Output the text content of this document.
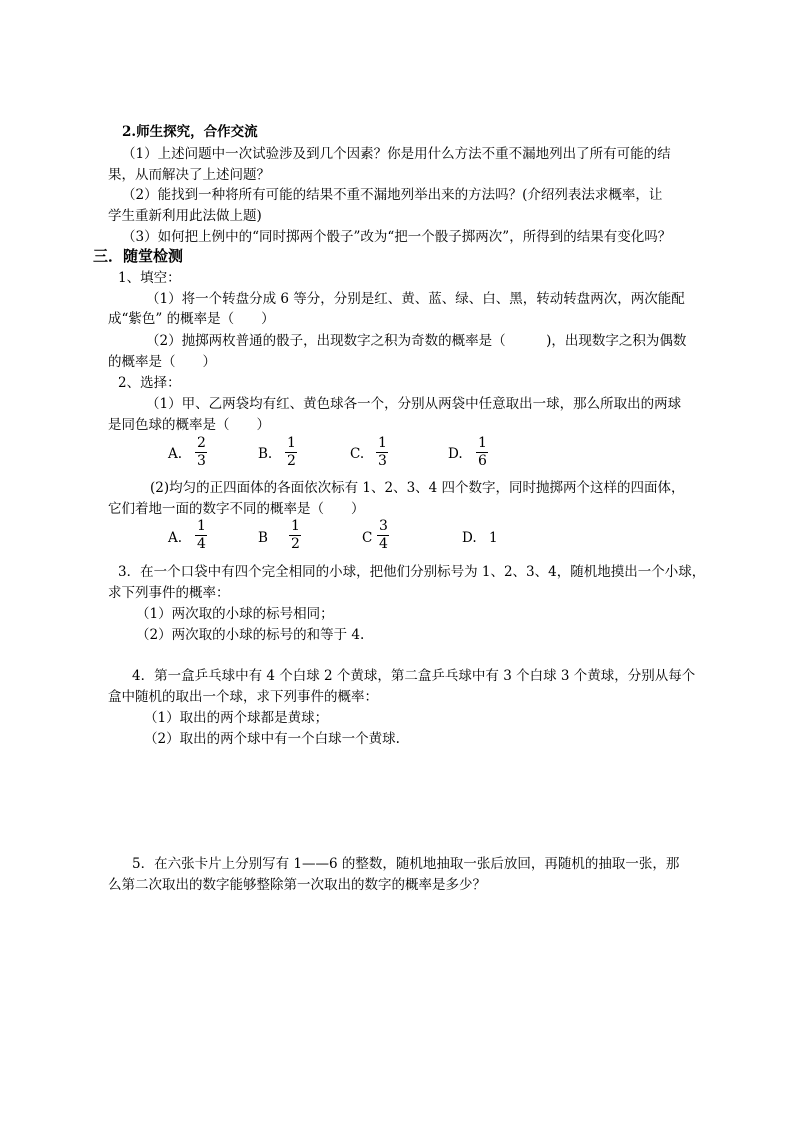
2.师生探究，合作交流
（1）上述问题中一次试验涉及到几个因素？你是用什么方法不重不漏地列出了所有可能的结
果，从而解决了上述问题？
（2）能找到一种将所有可能的结果不重不漏地列举出来的方法吗？(介绍列表法求概率，让
学生重新利用此法做上题)
（3）如何把上例中的“同时掷两个骰子”改为“把一个骰子掷两次”，所得到的结果有变化吗？
三．随堂检测
1、填空：
（1）将一个转盘分成 6 等分，分别是红、黄、蓝、绿、白、黑，转动转盘两次，两次能配
成“紫色” 的概率是（　　）
（2）抛掷两枚普通的骰子，出现数字之积为奇数的概率是（　　　)，出现数字之积为偶数
的概率是（　　）
2、选择：
（1）甲、乙两袋均有红、黄色球各一个，分别从两袋中任意取出一球，那么所取出的两球
是同色球的概率是（　　）
A.
2
3	B.
1
2	C.
1
3	D.
1
6
(2)均匀的正四面体的各面依次标有 1、2、3、4 四个数字，同时抛掷两个这样的四面体，
它们着地一面的数字不同的概率是（　　）
A.
1
4	B
1
2	C
3
4	D. 1
3．在一个口袋中有四个完全相同的小球，把他们分别标号为 1、2、3、4，随机地摸出一个小球，
求下列事件的概率：
（1）两次取的小球的标号相同；
（2）两次取的小球的标号的和等于 4.
4．第一盒乒乓球中有 4 个白球 2 个黄球，第二盒乒乓球中有 3 个白球 3 个黄球，分别从每个
盒中随机的取出一个球，求下列事件的概率：
（1）取出的两个球都是黄球；
（2）取出的两个球中有一个白球一个黄球.
5．在六张卡片上分别写有 1——6 的整数，随机地抽取一张后放回，再随机的抽取一张，那
么第二次取出的数字能够整除第一次取出的数字的概率是多少？
